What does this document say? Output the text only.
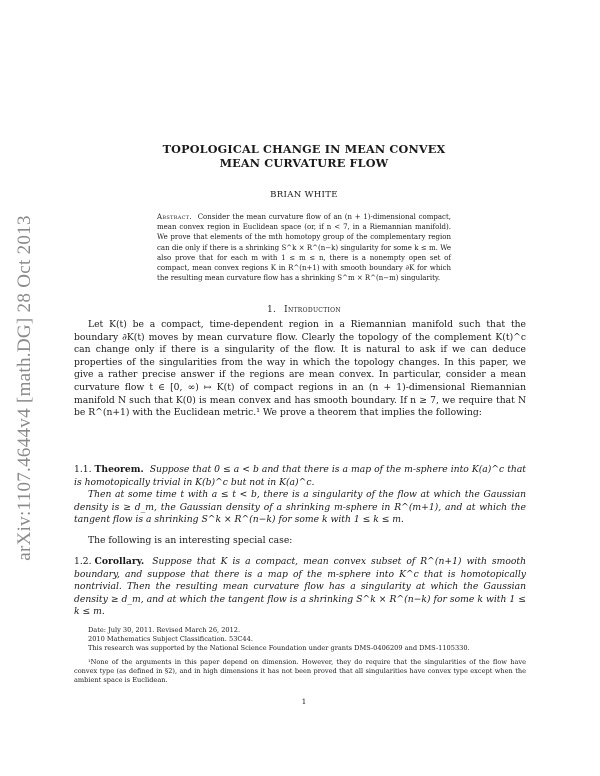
arXiv:1107.4644v4 [math.DG] 28 Oct 2013
TOPOLOGICAL CHANGE IN MEAN CONVEX
MEAN CURVATURE FLOW
BRIAN WHITE
Abstract. Consider the mean curvature flow of an (n + 1)-dimensional compact, mean convex region in Euclidean space (or, if n < 7, in a Riemannian manifold). We prove that elements of the mth homotopy group of the complementary region can die only if there is a shrinking S^k × R^(n−k) singularity for some k ≤ m. We also prove that for each m with 1 ≤ m ≤ n, there is a nonempty open set of compact, mean convex regions K in R^(n+1) with smooth boundary ∂K for which the resulting mean curvature flow has a shrinking S^m × R^(n−m) singularity.
1. Introduction

Let K(t) be a compact, time-dependent region in a Riemannian manifold such that the boundary ∂K(t) moves by mean curvature flow. Clearly the topology of the complement K(t)^c can change only if there is a singularity of the flow. It is natural to ask if we can deduce properties of the singularities from the way in which the topology changes. In this paper, we give a rather precise answer if the regions are mean convex. In particular, consider a mean curvature flow t ∈ [0, ∞) ↦ K(t) of compact regions in an (n + 1)-dimensional Riemannian manifold N such that K(0) is mean convex and has smooth boundary. If n ≥ 7, we require that N be R^(n+1) with the Euclidean metric.¹ We prove a theorem that implies the following:

1.1. Theorem. Suppose that 0 ≤ a < b and that there is a map of the m-sphere into K(a)^c that is homotopically trivial in K(b)^c but not in K(a)^c.

Then at some time t with a ≤ t < b, there is a singularity of the flow at which the Gaussian density is ≥ d_m, the Gaussian density of a shrinking m-sphere in R^(m+1), and at which the tangent flow is a shrinking S^k × R^(n−k) for some k with 1 ≤ k ≤ m.

The following is an interesting special case:

1.2. Corollary. Suppose that K is a compact, mean convex subset of R^(n+1) with smooth boundary, and suppose that there is a map of the m-sphere into K^c that is homotopically nontrivial. Then the resulting mean curvature flow has a singularity at which the Gaussian density ≥ d_m, and at which the tangent flow is a shrinking S^k × R^(n−k) for some k with 1 ≤ k ≤ m.

Date: July 30, 2011. Revised March 26, 2012.

2010 Mathematics Subject Classification. 53C44.

This research was supported by the National Science Foundation under grants DMS-0406209 and DMS-1105330.

¹None of the arguments in this paper depend on dimension. However, they do require that the singularities of the flow have convex type (as defined in §2), and in high dimensions it has not been proved that all singularities have convex type except when the ambient space is Euclidean.

1
